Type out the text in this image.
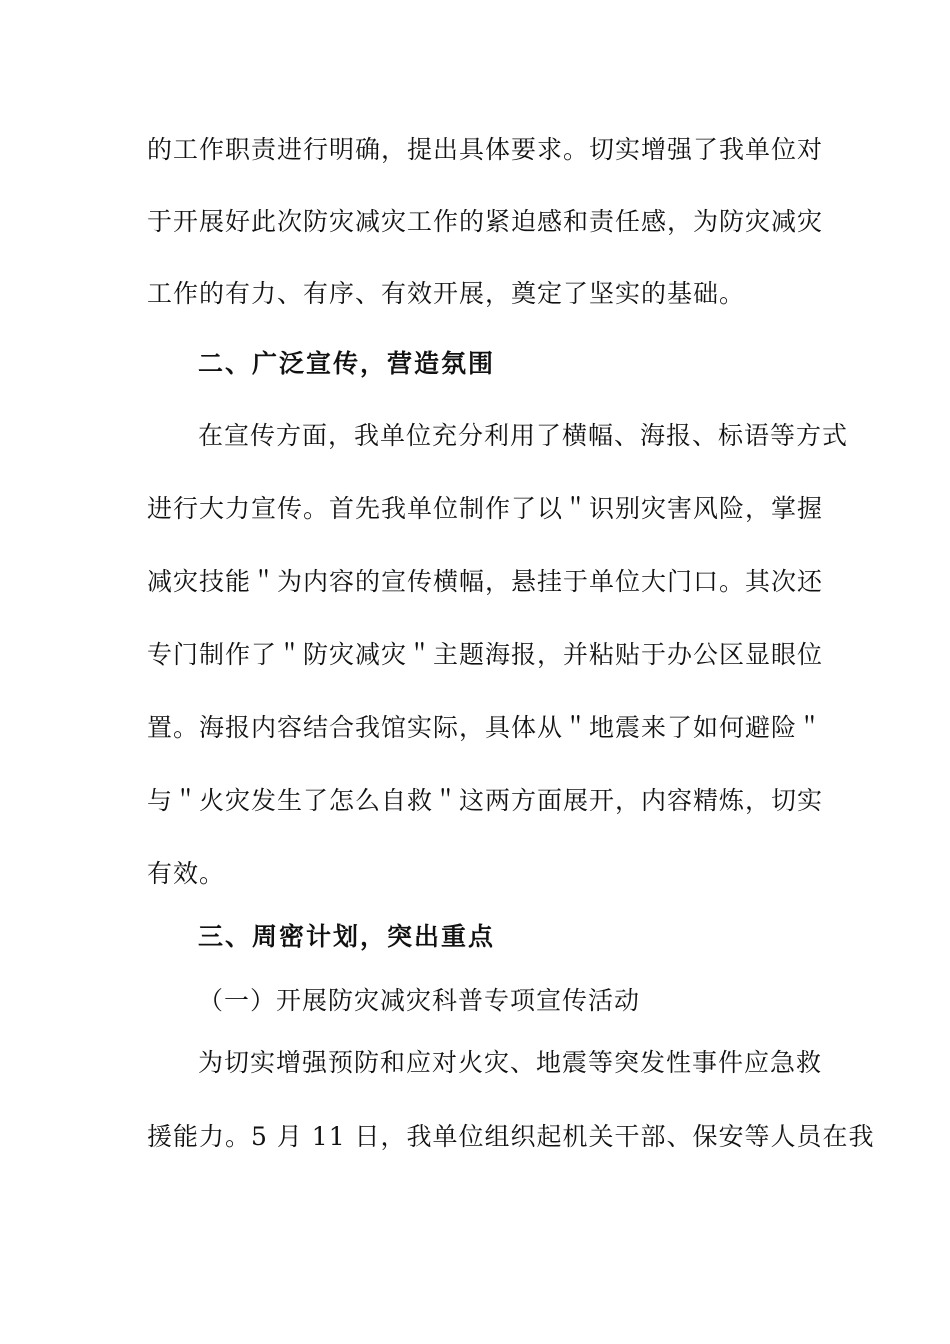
的工作职责进行明确，提出具体要求。切实增强了我单位对
于开展好此次防灾减灾工作的紧迫感和责任感，为防灾减灾
工作的有力、有序、有效开展，奠定了坚实的基础。
二、广泛宣传，营造氛围
在宣传方面，我单位充分利用了横幅、海报、标语等方式
进行大力宣传。首先我单位制作了以＂识别灾害风险，掌握
减灾技能＂为内容的宣传横幅，悬挂于单位大门口。其次还
专门制作了＂防灾减灾＂主题海报，并粘贴于办公区显眼位
置。海报内容结合我馆实际，具体从＂地震来了如何避险＂
与＂火灾发生了怎么自救＂这两方面展开，内容精炼，切实
有效。
三、周密计划，突出重点
（一）开展防灾减灾科普专项宣传活动
为切实增强预防和应对火灾、地震等突发性事件应急救
援能力。5 月 11 日，我单位组织起机关干部、保安等人员在我
